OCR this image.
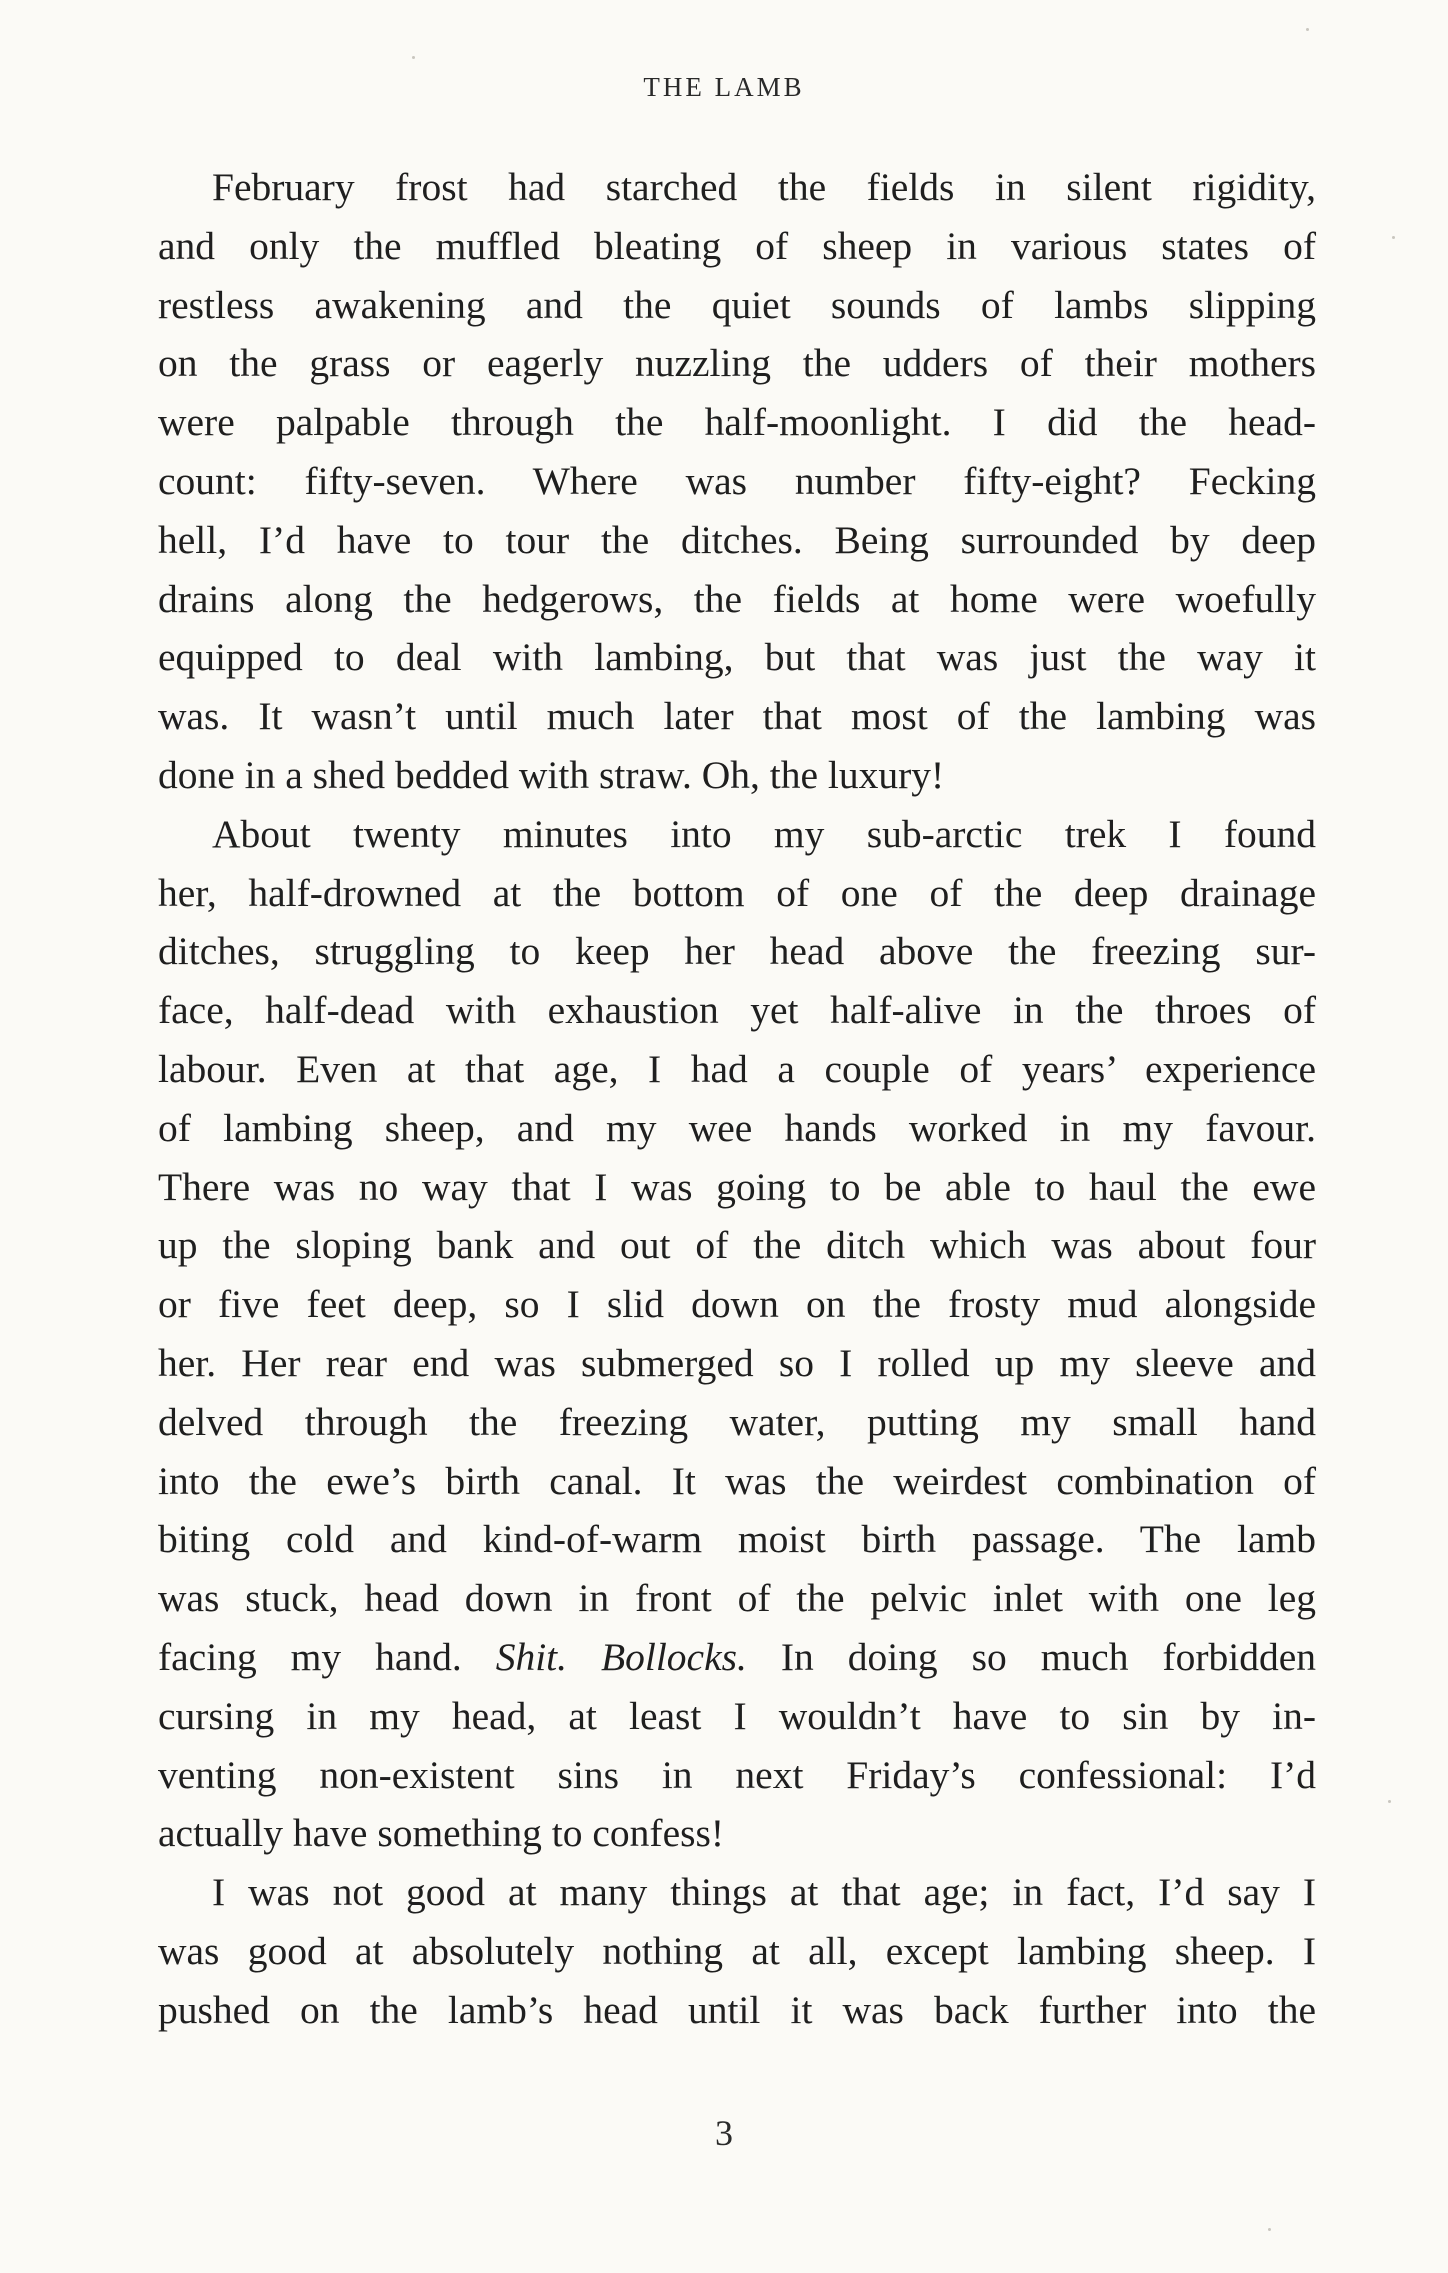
THE LAMB
February frost had starched the fields in silent rigidity,
and only the muffled bleating of sheep in various states of
restless awakening and the quiet sounds of lambs slipping
on the grass or eagerly nuzzling the udders of their mothers
were palpable through the half-moonlight. I did the head-
count: fifty-seven. Where was number fifty-eight? Fecking
hell, I’d have to tour the ditches. Being surrounded by deep
drains along the hedgerows, the fields at home were woefully
equipped to deal with lambing, but that was just the way it
was. It wasn’t until much later that most of the lambing was
done in a shed bedded with straw. Oh, the luxury!
About twenty minutes into my sub-arctic trek I found
her, half-drowned at the bottom of one of the deep drainage
ditches, struggling to keep her head above the freezing sur-
face, half-dead with exhaustion yet half-alive in the throes of
labour. Even at that age, I had a couple of years’ experience
of lambing sheep, and my wee hands worked in my favour.
There was no way that I was going to be able to haul the ewe
up the sloping bank and out of the ditch which was about four
or five feet deep, so I slid down on the frosty mud alongside
her. Her rear end was submerged so I rolled up my sleeve and
delved through the freezing water, putting my small hand
into the ewe’s birth canal. It was the weirdest combination of
biting cold and kind-of-warm moist birth passage. The lamb
was stuck, head down in front of the pelvic inlet with one leg
facing my hand. Shit. Bollocks. In doing so much forbidden
cursing in my head, at least I wouldn’t have to sin by in-
venting non-existent sins in next Friday’s confessional: I’d
actually have something to confess!
I was not good at many things at that age; in fact, I’d say I
was good at absolutely nothing at all, except lambing sheep. I
pushed on the lamb’s head until it was back further into the
3
